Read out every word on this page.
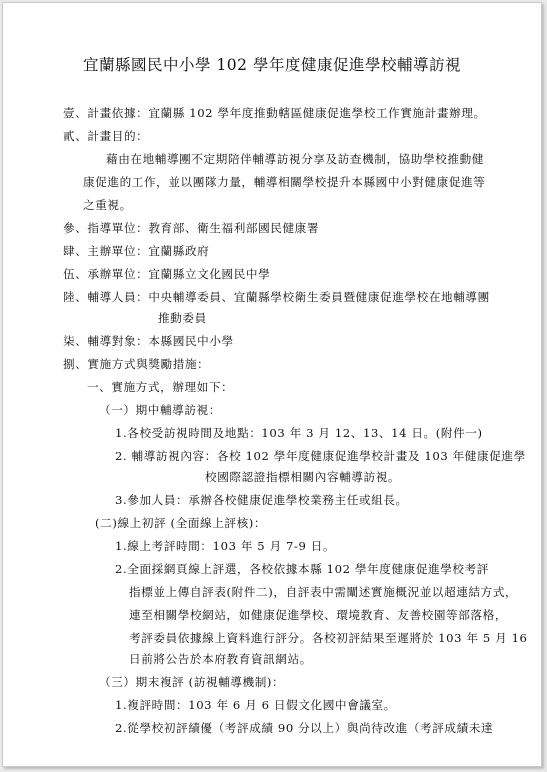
宜蘭縣國民中小學 102 學年度健康促進學校輔導訪視
壹、計畫依據：宜蘭縣 102 學年度推動轄區健康促進學校工作實施計畫辦理。
貳、計畫目的：
藉由在地輔導團不定期陪伴輔導訪視分享及訪查機制，協助學校推動健
康促進的工作，並以團隊力量，輔導相關學校提升本縣國中小對健康促進等
之重視。
參、指導單位：教育部、衛生福利部國民健康署
肆、主辦單位：宜蘭縣政府
伍、承辦單位：宜蘭縣立文化國民中學
陸、輔導人員：中央輔導委員、宜蘭縣學校衛生委員暨健康促進學校在地輔導團
推動委員
柒、輔導對象：本縣國民中小學
捌、實施方式與獎勵措施：
一、實施方式，辦理如下：
（一）期中輔導訪視：
1.各校受訪視時間及地點：103 年 3 月 12、13、14 日。(附件一)
2. 輔導訪視內容：各校 102 學年度健康促進學校計畫及 103 年健康促進學
校國際認證指標相關內容輔導訪視。
3.參加人員：承辦各校健康促進學校業務主任或組長。
(二)線上初評 (全面線上評核)：
1.線上考評時間：103 年 5 月 7-9 日。
2.全面採網頁線上評選，各校依據本縣 102 學年度健康促進學校考評
指標並上傳自評表(附件二)，自評表中需闡述實施概況並以超連結方式，
連至相關學校網站，如健康促進學校、環境教育、友善校園等部落格，
考評委員依據線上資料進行評分。各校初評結果至遲將於 103 年 5 月 16
日前將公告於本府教育資訊網站。
（三）期末複評 (訪視輔導機制)：
1.複評時間：103 年 6 月 6 日假文化國中會議室。
2.從學校初評績優（考評成績 90 分以上）與尚待改進（考評成績未達
